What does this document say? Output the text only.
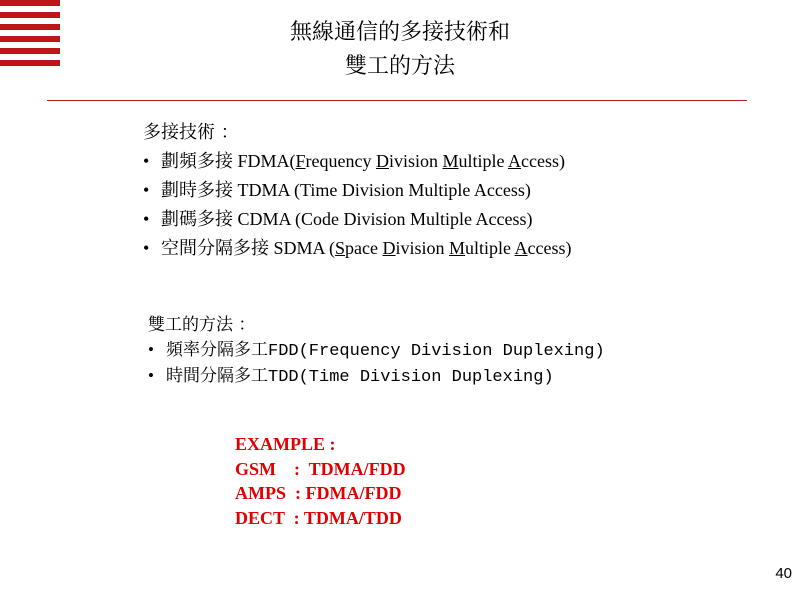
無線通信的多接技術和
雙工的方法
多接技術 ：
• 劃頻多接 FDMA(Frequency Division Multiple Access)
• 劃時多接 TDMA (Time Division Multiple Access)
• 劃碼多接 CDMA (Code Division Multiple Access)
• 空間分隔多接 SDMA (Space Division Multiple Access)
雙工的方法 ：
• 頻率分隔多工FDD(Frequency Division Duplexing)
• 時間分隔多工TDD(Time Division Duplexing)
EXAMPLE :
GSM    :  TDMA/FDD
AMPS  : FDMA/FDD
DECT  : TDMA/TDD
40
